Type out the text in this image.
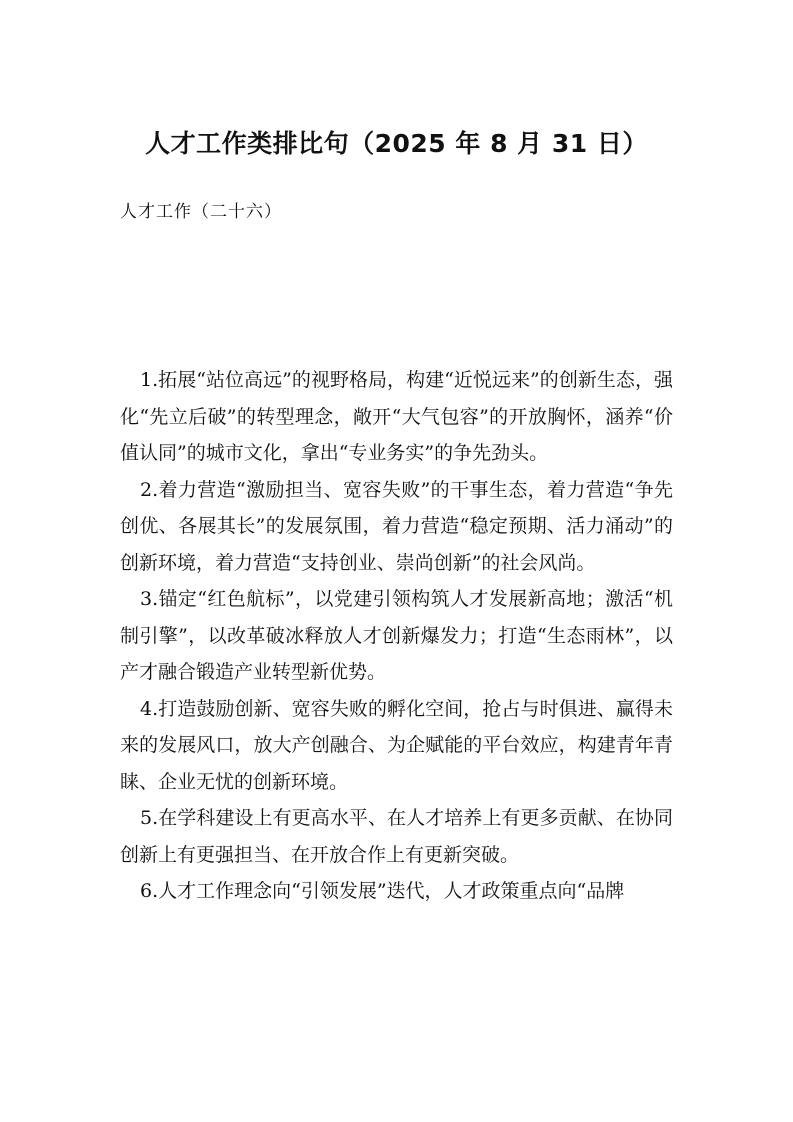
人才工作类排比句（2025 年 8 月 31 日）

人才工作（二十六）

1.拓展“站位高远”的视野格局，构建“近悦远来”的创新生态，强化“先立后破”的转型理念，敞开“大气包容”的开放胸怀，涵养“价值认同”的城市文化，拿出“专业务实”的争先劲头。

2.着力营造“激励担当、宽容失败”的干事生态，着力营造“争先创优、各展其长”的发展氛围，着力营造“稳定预期、活力涌动”的创新环境，着力营造“支持创业、崇尚创新”的社会风尚。

3.锚定“红色航标”，以党建引领构筑人才发展新高地；激活“机制引擎”，以改革破冰释放人才创新爆发力；打造“生态雨林”，以产才融合锻造产业转型新优势。

4.打造鼓励创新、宽容失败的孵化空间，抢占与时俱进、赢得未来的发展风口，放大产创融合、为企赋能的平台效应，构建青年青睐、企业无忧的创新环境。

5.在学科建设上有更高水平、在人才培养上有更多贡献、在协同创新上有更强担当、在开放合作上有更新突破。

6.人才工作理念向“引领发展”迭代，人才政策重点向“品牌
